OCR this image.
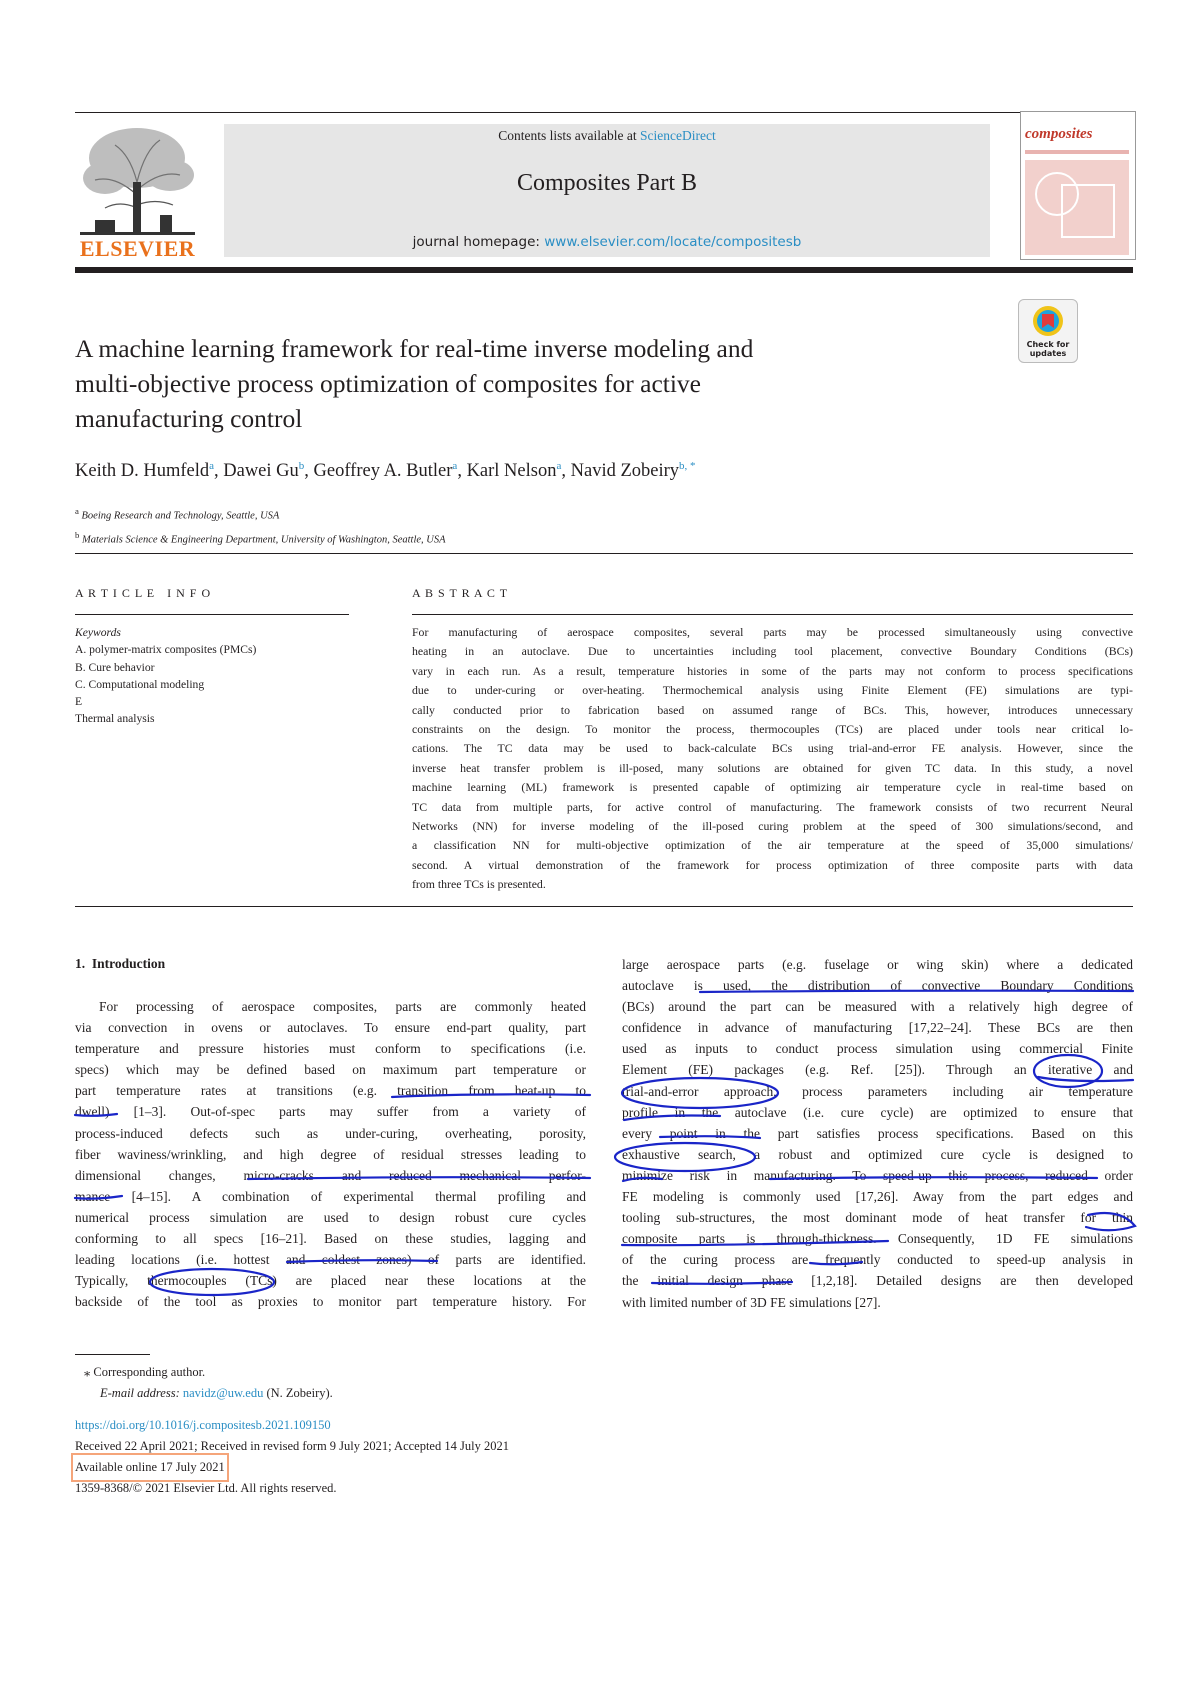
ELSEVIER
Contents lists available at ScienceDirect
Composites Part B
journal homepage: www.elsevier.com/locate/compositesb
composites
A machine learning framework for real-time inverse modeling and
multi-objective process optimization of composites for active
manufacturing control
Check for
updates
Keith D. Humfeld$^a$, Dawei Gu$^b$, Geoffrey A. Butler$^a$, Karl Nelson$^a$, Navid Zobeiry$^{b, *}$
$^a$ Boeing Research and Technology, Seattle, USA
$^b$ Materials Science & Engineering Department, University of Washington, Seattle, USA
A R T I C L E   I N F O
Keywords
A. polymer-matrix composites (PMCs)
B. Cure behavior
C. Computational modeling
E
Thermal analysis
A B S T R A C T
For manufacturing of aerospace composites, several parts may be processed simultaneously using convective
heating in an autoclave. Due to uncertainties including tool placement, convective Boundary Conditions (BCs)
vary in each run. As a result, temperature histories in some of the parts may not conform to process specifications
due to under-curing or over-heating. Thermochemical analysis using Finite Element (FE) simulations are typi-
cally conducted prior to fabrication based on assumed range of BCs. This, however, introduces unnecessary
constraints on the design. To monitor the process, thermocouples (TCs) are placed under tools near critical lo-
cations. The TC data may be used to back-calculate BCs using trial-and-error FE analysis. However, since the
inverse heat transfer problem is ill-posed, many solutions are obtained for given TC data. In this study, a novel
machine learning (ML) framework is presented capable of optimizing air temperature cycle in real-time based on
TC data from multiple parts, for active control of manufacturing. The framework consists of two recurrent Neural
Networks (NN) for inverse modeling of the ill-posed curing problem at the speed of 300 simulations/second, and
a classification NN for multi-objective optimization of the air temperature at the speed of 35,000 simulations/
second. A virtual demonstration of the framework for process optimization of three composite parts with data
from three TCs is presented.
1.  Introduction
For processing of aerospace composites, parts are commonly heated
via convection in ovens or autoclaves. To ensure end-part quality, part
temperature and pressure histories must conform to specifications (i.e.
specs) which may be defined based on maximum part temperature or
part temperature rates at transitions (e.g. transition from heat-up to
dwell) [1–3]. Out-of-spec parts may suffer from a variety of
process-induced defects such as under-curing, overheating, porosity,
fiber waviness/wrinkling, and high degree of residual stresses leading to
dimensional changes, micro-cracks and reduced mechanical perfor-
mance [4–15]. A combination of experimental thermal profiling and
numerical process simulation are used to design robust cure cycles
conforming to all specs [16–21]. Based on these studies, lagging and
leading locations (i.e. hottest and coldest zones) of parts are identified.
Typically, thermocouples (TCs) are placed near these locations at the
backside of the tool as proxies to monitor part temperature history. For
large aerospace parts (e.g. fuselage or wing skin) where a dedicated
autoclave is used, the distribution of convective Boundary Conditions
(BCs) around the part can be measured with a relatively high degree of
confidence in advance of manufacturing [17,22–24]. These BCs are then
used as inputs to conduct process simulation using commercial Finite
Element (FE) packages (e.g. Ref. [25]). Through an iterative and
trial-and-error approach, process parameters including air temperature
profile in the autoclave (i.e. cure cycle) are optimized to ensure that
every point in the part satisfies process specifications. Based on this
exhaustive search, a robust and optimized cure cycle is designed to
minimize risk in manufacturing. To speed-up this process, reduced order
FE modeling is commonly used [17,26]. Away from the part edges and
tooling sub-structures, the most dominant mode of heat transfer for thin
composite parts is through-thickness. Consequently, 1D FE simulations
of the curing process are frequently conducted to speed-up analysis in
the initial design phase [1,2,18]. Detailed designs are then developed
with limited number of 3D FE simulations [27].
⁎ Corresponding author.
E-mail address: navidz@uw.edu (N. Zobeiry).
https://doi.org/10.1016/j.compositesb.2021.109150
Received 22 April 2021; Received in revised form 9 July 2021; Accepted 14 July 2021
Available online 17 July 2021
1359-8368/© 2021 Elsevier Ltd. All rights reserved.
